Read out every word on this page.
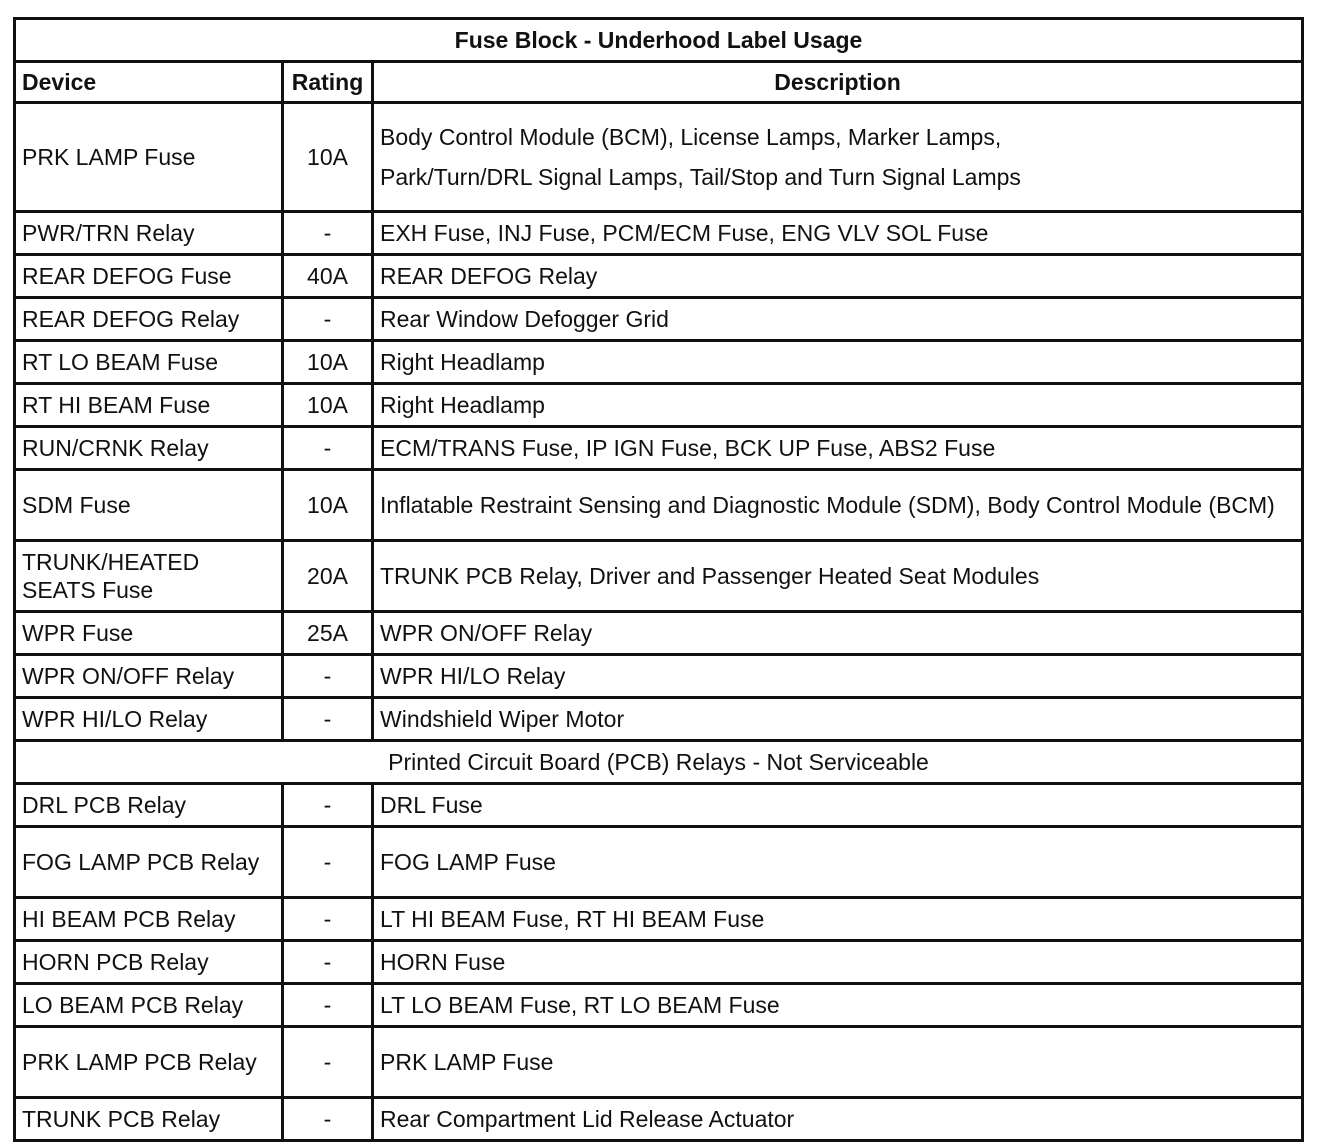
Fuse Block - Underhood Label Usage		
Device	Rating	Description
PRK LAMP Fuse	10A	Body Control Module (BCM), License Lamps, Marker Lamps,
Park/Turn/DRL Signal Lamps, Tail/Stop and Turn Signal Lamps

PWR/TRN Relay	-	EXH Fuse, INJ Fuse, PCM/ECM Fuse, ENG VLV SOL Fuse
REAR DEFOG Fuse	40A	REAR DEFOG Relay
REAR DEFOG Relay	-	Rear Window Defogger Grid
RT LO BEAM Fuse	10A	Right Headlamp
RT HI BEAM Fuse	10A	Right Headlamp
RUN/CRNK Relay	-	ECM/TRANS Fuse, IP IGN Fuse, BCK UP Fuse, ABS2 Fuse
SDM Fuse	10A	Inflatable Restraint Sensing and Diagnostic Module (SDM), Body Control Module (BCM)
TRUNK/HEATED SEATS Fuse	20A	TRUNK PCB Relay, Driver and Passenger Heated Seat Modules
WPR Fuse	25A	WPR ON/OFF Relay
WPR ON/OFF Relay	-	WPR HI/LO Relay
WPR HI/LO Relay	-	Windshield Wiper Motor
Printed Circuit Board (PCB) Relays - Not Serviceable		
DRL PCB Relay	-	DRL Fuse
FOG LAMP PCB Relay	-	FOG LAMP Fuse
HI BEAM PCB Relay	-	LT HI BEAM Fuse, RT HI BEAM Fuse
HORN PCB Relay	-	HORN Fuse
LO BEAM PCB Relay	-	LT LO BEAM Fuse, RT LO BEAM Fuse
PRK LAMP PCB Relay	-	PRK LAMP Fuse
TRUNK PCB Relay	-	Rear Compartment Lid Release Actuator
